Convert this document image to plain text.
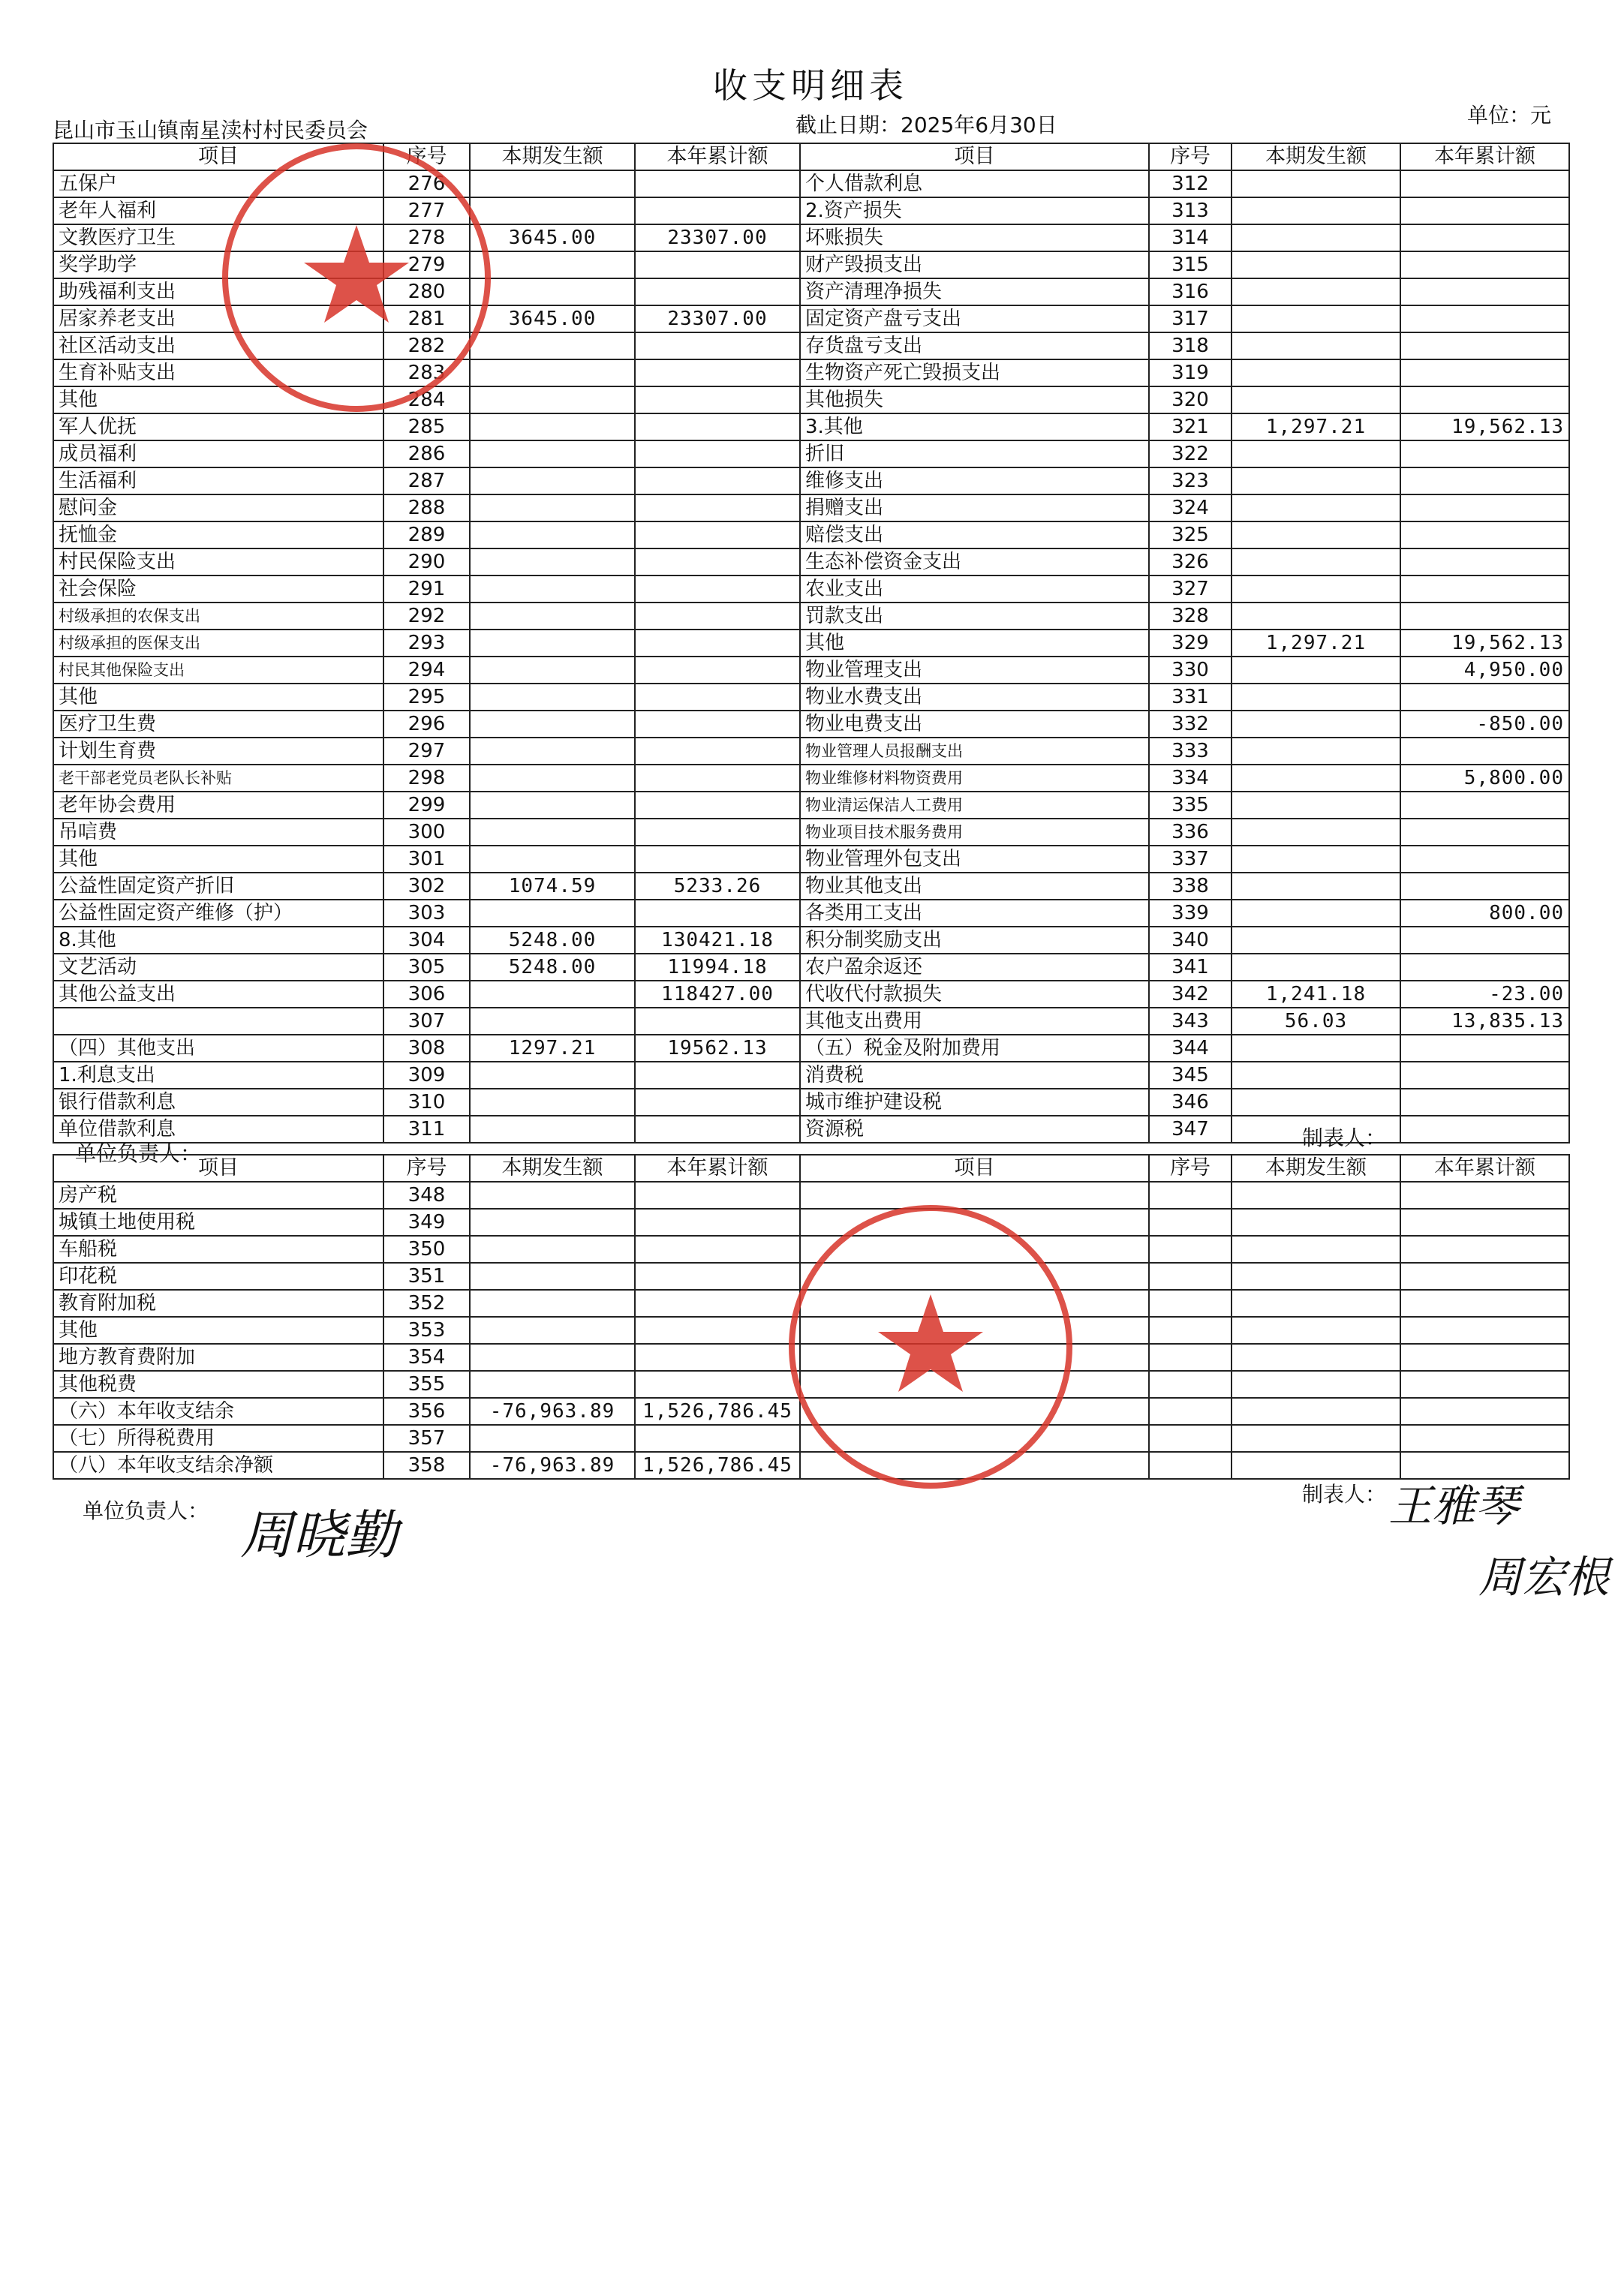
收支明细表
昆山市玉山镇南星渎村村民委员会	截止日期：2025年6月30日	单位：元
项目	序号	本期发生额	本年累计额	项目	序号	本期发生额	本年累计额
五保户	276			个人借款利息	312		
老年人福利	277			2.资产损失	313		
文教医疗卫生	278	3645.00	23307.00	坏账损失	314		
奖学助学	279			财产毁损支出	315		
助残福利支出	280			资产清理净损失	316		
居家养老支出	281	3645.00	23307.00	固定资产盘亏支出	317		
社区活动支出	282			存货盘亏支出	318		
生育补贴支出	283			生物资产死亡毁损支出	319		
其他	284			其他损失	320		
军人优抚	285			3.其他	321	1,297.21	19,562.13
成员福利	286			折旧	322		
生活福利	287			维修支出	323		
慰问金	288			捐赠支出	324		
抚恤金	289			赔偿支出	325		
村民保险支出	290			生态补偿资金支出	326		
社会保险	291			农业支出	327		
村级承担的农保支出	292			罚款支出	328		
村级承担的医保支出	293			其他	329	1,297.21	19,562.13
村民其他保险支出	294			物业管理支出	330		4,950.00
其他	295			物业水费支出	331		
医疗卫生费	296			物业电费支出	332		-850.00
计划生育费	297			物业管理人员报酬支出	333		
老干部老党员老队长补贴	298			物业维修材料物资费用	334		5,800.00
老年协会费用	299			物业清运保洁人工费用	335		
吊唁费	300			物业项目技术服务费用	336		
其他	301			物业管理外包支出	337		
公益性固定资产折旧	302	1074.59	5233.26	物业其他支出	338		
公益性固定资产维修（护）	303			各类用工支出	339		800.00
8.其他	304	5248.00	130421.18	积分制奖励支出	340		
文艺活动	305	5248.00	11994.18	农户盈余返还	341		
其他公益支出	306		118427.00	代收代付款损失	342	1,241.18	-23.00
	307			其他支出费用	343	56.03	13,835.13
（四）其他支出	308	1297.21	19562.13	（五）税金及附加费用	344		
1.利息支出	309			消费税	345		
银行借款利息	310			城市维护建设税	346		
单位借款利息	311			资源税	347		
单位负责人：
制表人：
项目	序号	本期发生额	本年累计额	项目	序号	本期发生额	本年累计额
房产税	348						
城镇土地使用税	349						
车船税	350						
印花税	351						
教育附加税	352						
其他	353						
地方教育费附加	354						
其他税费	355						
（六）本年收支结余	356	-76,963.89	1,526,786.45				
（七）所得税费用	357						
（八）本年收支结余净额	358	-76,963.89	1,526,786.45				
单位负责人：
制表人：
周晓勤	王雅琴
周宏根
